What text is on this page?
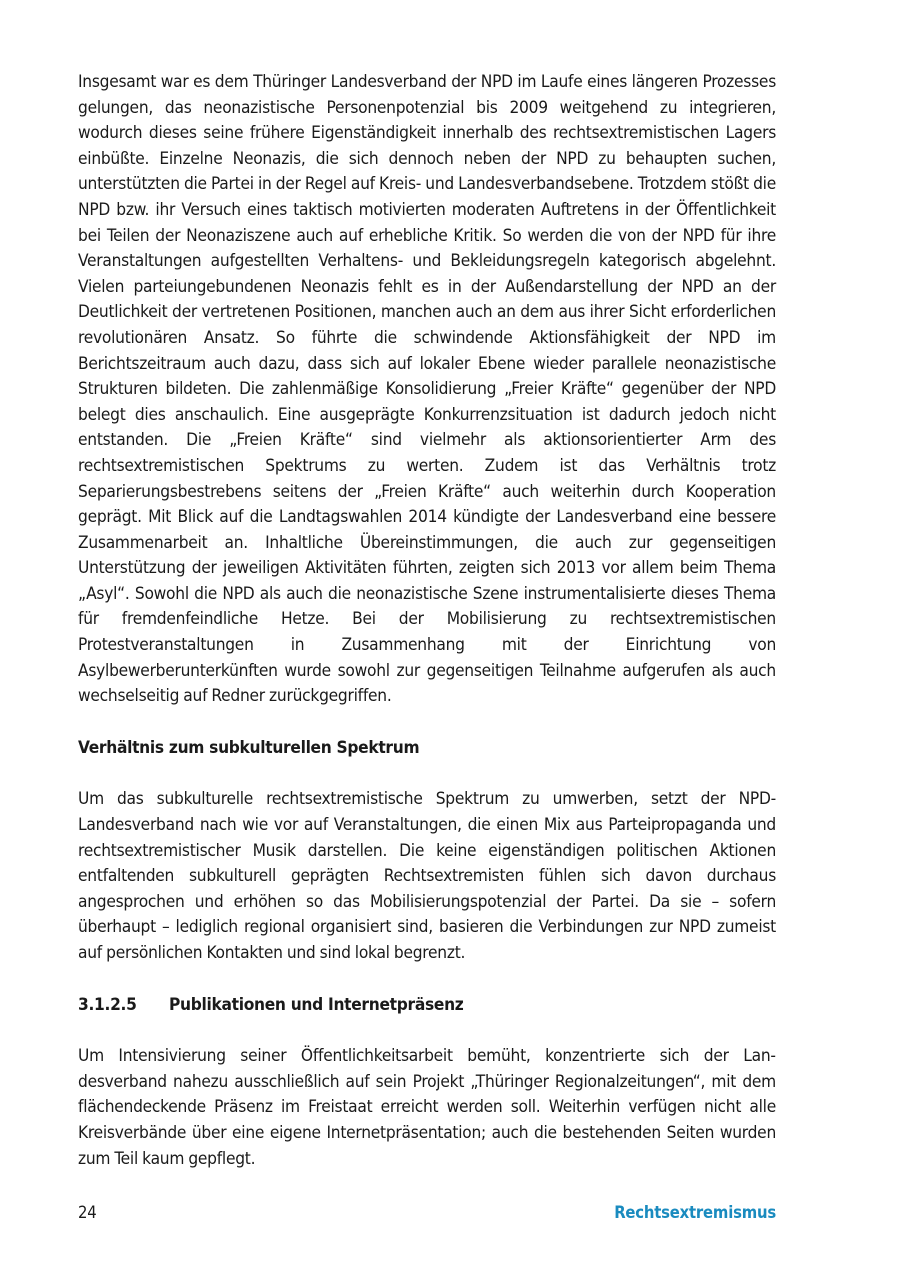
Insgesamt war es dem Thüringer Landesverband der NPD im Laufe eines längeren Prozesses gelungen, das neonazistische Personenpotenzial bis 2009 weitgehend zu integrieren, wodurch dieses seine frühere Eigenständigkeit innerhalb des rechtsextremistischen Lagers einbüßte. Einzelne Neonazis, die sich dennoch neben der NPD zu behaupten suchen, unterstützten die Partei in der Regel auf Kreis- und Landesverbandsebene. Trotzdem stößt die NPD bzw. ihr Versuch eines taktisch motivierten moderaten Auftretens in der Öffentlichkeit bei Teilen der Neonaziszene auch auf erhebliche Kritik. So werden die von der NPD für ihre Veranstaltungen aufgestellten Verhaltens- und Bekleidungsregeln kategorisch abgelehnt. Vielen parteiungebundenen Neonazis fehlt es in der Außendarstellung der NPD an der Deutlichkeit der vertretenen Positionen, manchen auch an dem aus ihrer Sicht erforderlichen revolutionären Ansatz. So führte die schwindende Aktionsfähigkeit der NPD im Berichtszeitraum auch dazu, dass sich auf lokaler Ebene wieder parallele neonazistische Strukturen bildeten. Die zahlenmäßige Konsolidierung „Freier Kräfte“ gegenüber der NPD belegt dies anschaulich. Eine ausgeprägte Konkurrenzsituation ist dadurch jedoch nicht entstanden. Die „Freien Kräfte“ sind vielmehr als aktionsorientierter Arm des rechtsextremistischen Spektrums zu werten. Zudem ist das Verhältnis trotz Separierungsbestrebens seitens der „Freien Kräfte“ auch weiterhin durch Kooperation geprägt. Mit Blick auf die Landtagswahlen 2014 kündigte der Landesverband eine bessere Zusammenarbeit an. Inhaltliche Übereinstimmungen, die auch zur gegenseitigen Unterstützung der jeweiligen Aktivitäten führten, zeigten sich 2013 vor allem beim Thema „Asyl“. Sowohl die NPD als auch die neonazistische Szene instrumentalisierte dieses Thema für fremdenfeindliche Hetze. Bei der Mobilisierung zu rechtsextremistischen Protestveranstaltungen in Zusammenhang mit der Einrichtung von Asylbewerberunterkünften wurde sowohl zur gegenseitigen Teilnahme aufgerufen als auch wechselseitig auf Redner zurückgegriffen.

Verhältnis zum subkulturellen Spektrum

Um das subkulturelle rechtsextremistische Spektrum zu umwerben, setzt der NPD-Landesverband nach wie vor auf Veranstaltungen, die einen Mix aus Parteipropaganda und rechtsextremistischer Musik darstellen. Die keine eigenständigen politischen Aktionen entfaltenden subkulturell geprägten Rechtsextremisten fühlen sich davon durchaus angesprochen und erhöhen so das Mobilisierungspotenzial der Partei. Da sie – sofern überhaupt – lediglich regional organisiert sind, basieren die Verbindungen zur NPD zumeist auf persönlichen Kontakten und sind lokal begrenzt.

3.1.2.5	Publikationen und Internetpräsenz

Um Intensivierung seiner Öffentlichkeitsarbeit bemüht, konzentrierte sich der Landesverband nahezu ausschließlich auf sein Projekt „Thüringer Regionalzeitungen“, mit dem flächendeckende Präsenz im Freistaat erreicht werden soll. Weiterhin verfügen nicht alle Kreisverbände über eine eigene Internetpräsentation; auch die bestehenden Seiten wurden zum Teil kaum gepflegt.

24	Rechtsextremismus
